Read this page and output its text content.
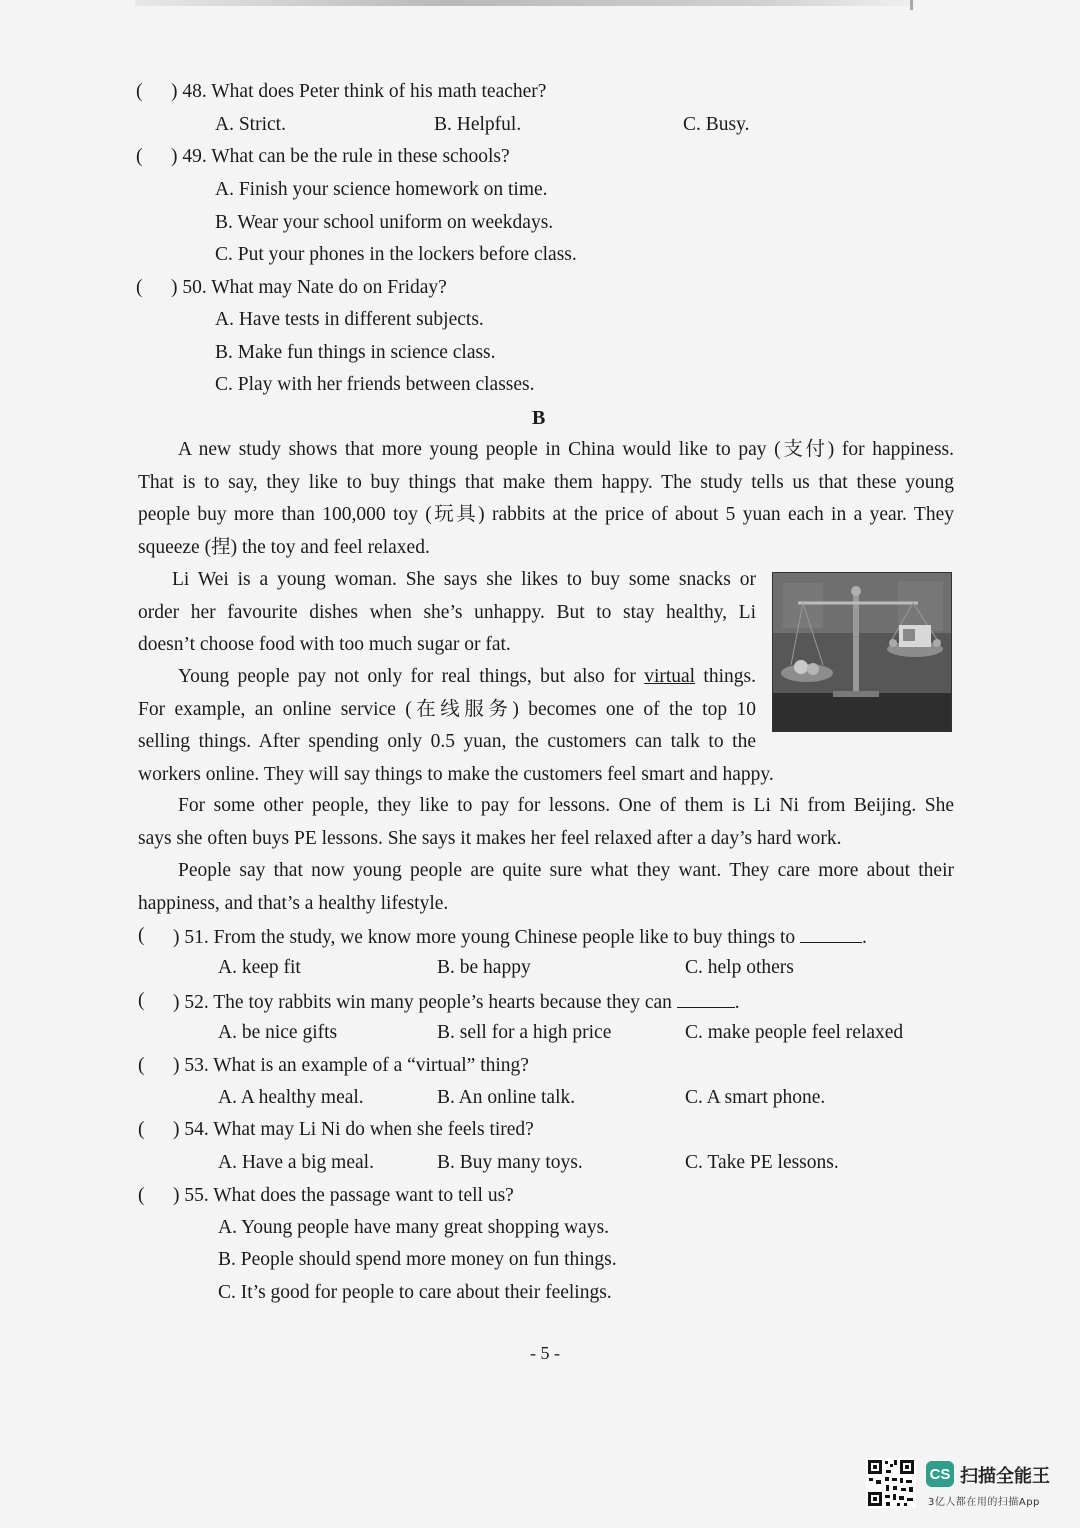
( ) 48. What does Peter think of his math teacher?
A. Strict.	B. Helpful.	C. Busy.
( ) 49. What can be the rule in these schools?
A. Finish your science homework on time.
B. Wear your school uniform on weekdays.
C. Put your phones in the lockers before class.
( ) 50. What may Nate do on Friday?
A. Have tests in different subjects.
B. Make fun things in science class.
C. Play with her friends between classes.
B
A new study shows that more young people in China would like to pay (支付) for happiness.
That is to say, they like to buy things that make them happy. The study tells us that these young
people buy more than 100,000 toy (玩具) rabbits at the price of about 5 yuan each in a year. They
squeeze (捏) the toy and feel relaxed.
Li Wei is a young woman. She says she likes to buy some snacks or
order her favourite dishes when she’s unhappy. But to stay healthy, Li
doesn’t choose food with too much sugar or fat.
Young people pay not only for real things, but also for virtual things.
For example, an online service (在线服务) becomes one of the top 10
selling things. After spending only 0.5 yuan, the customers can talk to the
workers online. They will say things to make the customers feel smart and happy.
For some other people, they like to pay for lessons. One of them is Li Ni from Beijing. She
says she often buys PE lessons. She says it makes her feel relaxed after a day’s hard work.
People say that now young people are quite sure what they want. They care more about their
happiness, and that’s a healthy lifestyle.
( ) 51. From the study, we know more young Chinese people like to buy things to	.
A. keep fit	B. be happy	C. help others
( ) 52. The toy rabbits win many people’s hearts because they can	.
A. be nice gifts	B. sell for a high price	C. make people feel relaxed
( ) 53. What is an example of a “virtual” thing?
A. A healthy meal.	B. An online talk.	C. A smart phone.
( ) 54. What may Li Ni do when she feels tired?
A. Have a big meal.	B. Buy many toys.	C. Take PE lessons.
( ) 55. What does the passage want to tell us?
A. Young people have many great shopping ways.
B. People should spend more money on fun things.
C. It’s good for people to care about their feelings.
- 5 -
CS 扫描全能王
3亿人都在用的扫描App
